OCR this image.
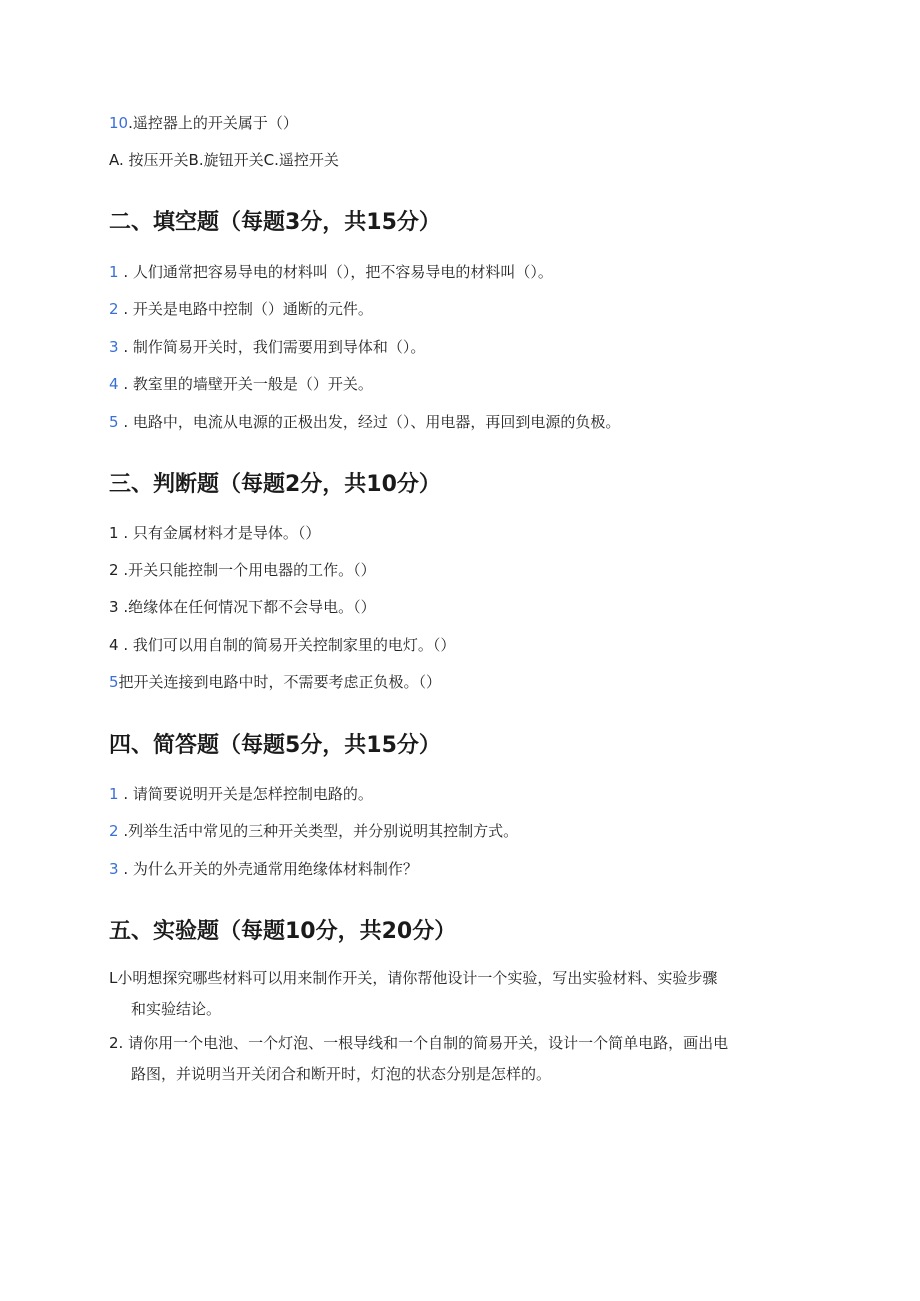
10.遥控器上的开关属于（）
A. 按压开关B.旋钮开关C.遥控开关
二、填空题（每题3分，共15分）
1 . 人们通常把容易导电的材料叫（），把不容易导电的材料叫（）。
2 . 开关是电路中控制（）通断的元件。
3 . 制作简易开关时，我们需要用到导体和（）。
4 . 教室里的墙壁开关一般是（）开关。
5 . 电路中，电流从电源的正极出发，经过（）、用电器，再回到电源的负极。
三、判断题（每题2分，共10分）
1 . 只有金属材料才是导体。（）
2 .开关只能控制一个用电器的工作。（）
3 .绝缘体在任何情况下都不会导电。（）
4 . 我们可以用自制的简易开关控制家里的电灯。（）
5把开关连接到电路中时，不需要考虑正负极。（）
四、简答题（每题5分，共15分）
1 . 请简要说明开关是怎样控制电路的。
2 .列举生活中常见的三种开关类型，并分别说明其控制方式。
3 . 为什么开关的外壳通常用绝缘体材料制作？
五、实验题（每题10分，共20分）
L小明想探究哪些材料可以用来制作开关，请你帮他设计一个实验，写出实验材料、实验步骤
和实验结论。
2. 请你用一个电池、一个灯泡、一根导线和一个自制的简易开关，设计一个简单电路，画出电
路图，并说明当开关闭合和断开时，灯泡的状态分别是怎样的。
